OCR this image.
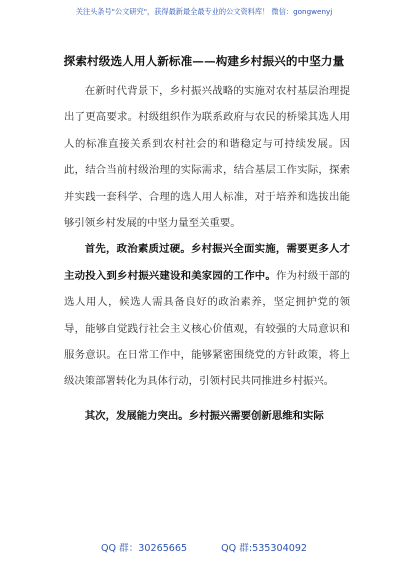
关注头条号"公文研究"，获得最新最全最专业的公文资料库！ 微信：gongwenyj
探索村级选人用人新标准——构建乡村振兴的中坚力量

在新时代背景下，乡村振兴战略的实施对农村基层治理提出了更高要求。村级组织作为联系政府与农民的桥梁其选人用人的标准直接关系到农村社会的和谐稳定与可持续发展。因此，结合当前村级治理的实际需求，结合基层工作实际，探索并实践一套科学、合理的选人用人标准，对于培养和选拔出能够引领乡村发展的中坚力量至关重要。

首先，政治素质过硬。乡村振兴全面实施，需要更多人才主动投入到乡村振兴建设和美家园的工作中。作为村级干部的选人用人，候选人需具备良好的政治素养，坚定拥护党的领导，能够自觉践行社会主义核心价值观，有较强的大局意识和服务意识。在日常工作中，能够紧密围绕党的方针政策，将上级决策部署转化为具体行动，引领村民共同推进乡村振兴。

其次，发展能力突出。乡村振兴需要创新思维和实际

QQ 群：30265665	QQ 群:535304092
